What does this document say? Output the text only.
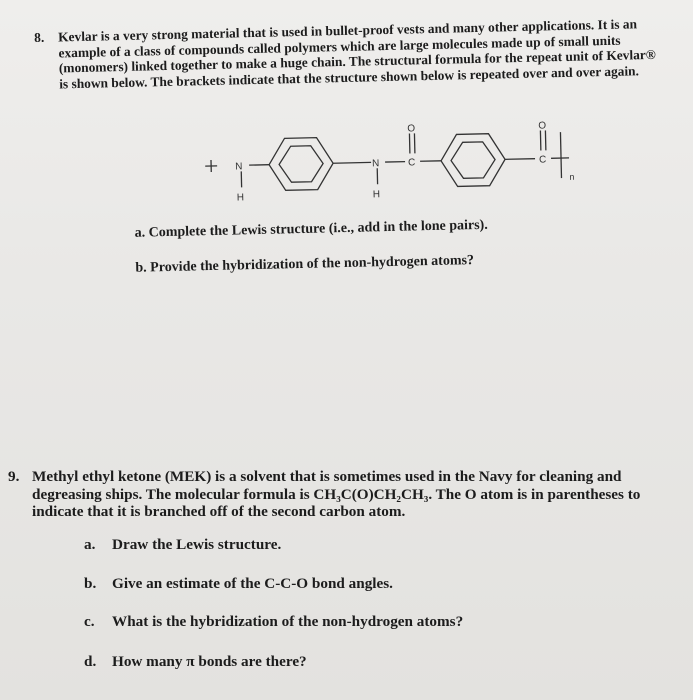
8. Kevlar is a very strong material that is used in bullet-proof vests and many other applications. It is an example of a class of compounds called polymers which are large molecules made up of small units (monomers) linked together to make a huge chain. The structural formula for the repeat unit of Kevlar® is shown below. The brackets indicate that the structure shown below is repeated over and over again.
N
H
N
H
C
O
C
O
n
a. Complete the Lewis structure (i.e., add in the lone pairs).
b. Provide the hybridization of the non-hydrogen atoms?
9. Methyl ethyl ketone (MEK) is a solvent that is sometimes used in the Navy for cleaning and degreasing ships. The molecular formula is CH₃C(O)CH₂CH₃. The O atom is in parentheses to indicate that it is branched off of the second carbon atom.
a. Draw the Lewis structure.
b. Give an estimate of the C-C-O bond angles.
c. What is the hybridization of the non-hydrogen atoms?
d. How many π bonds are there?
